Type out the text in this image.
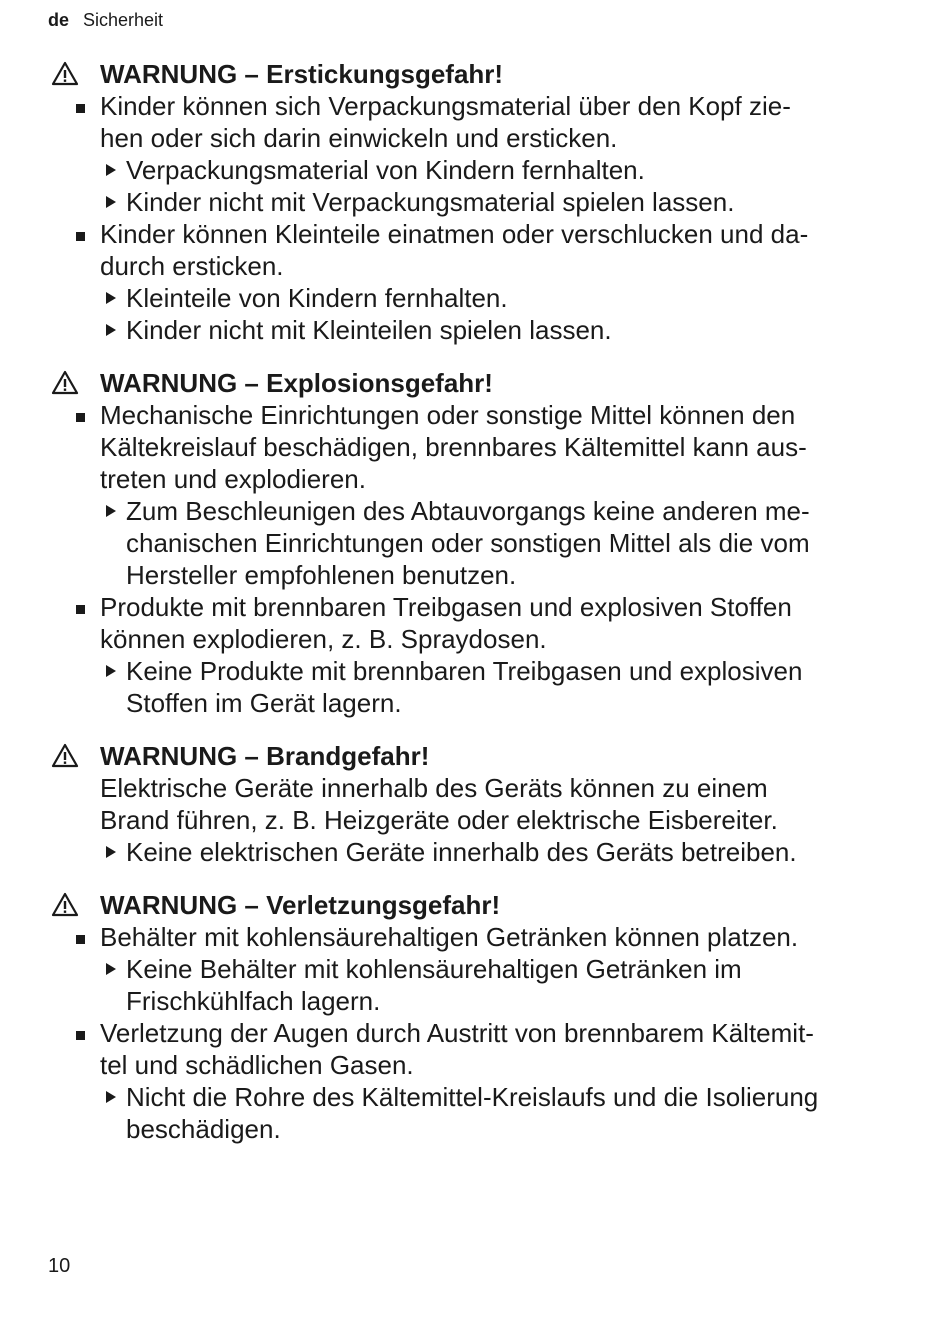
de Sicherheit
WARNUNG – Erstickungsgefahr!
Kinder können sich Verpackungsmaterial über den Kopf zie-
hen oder sich darin einwickeln und ersticken.
Verpackungsmaterial von Kindern fernhalten.
Kinder nicht mit Verpackungsmaterial spielen lassen.
Kinder können Kleinteile einatmen oder verschlucken und da-
durch ersticken.
Kleinteile von Kindern fernhalten.
Kinder nicht mit Kleinteilen spielen lassen.
WARNUNG – Explosionsgefahr!
Mechanische Einrichtungen oder sonstige Mittel können den
Kältekreislauf beschädigen, brennbares Kältemittel kann aus-
treten und explodieren.
Zum Beschleunigen des Abtauvorgangs keine anderen me-
chanischen Einrichtungen oder sonstigen Mittel als die vom
Hersteller empfohlenen benutzen.
Produkte mit brennbaren Treibgasen und explosiven Stoffen
können explodieren, z. B. Spraydosen.
Keine Produkte mit brennbaren Treibgasen und explosiven
Stoffen im Gerät lagern.
WARNUNG – Brandgefahr!
Elektrische Geräte innerhalb des Geräts können zu einem
Brand führen, z. B. Heizgeräte oder elektrische Eisbereiter.
Keine elektrischen Geräte innerhalb des Geräts betreiben.
WARNUNG – Verletzungsgefahr!
Behälter mit kohlensäurehaltigen Getränken können platzen.
Keine Behälter mit kohlensäurehaltigen Getränken im
Frischkühlfach lagern.
Verletzung der Augen durch Austritt von brennbarem Kältemit-
tel und schädlichen Gasen.
Nicht die Rohre des Kältemittel-Kreislaufs und die Isolierung
beschädigen.
10
